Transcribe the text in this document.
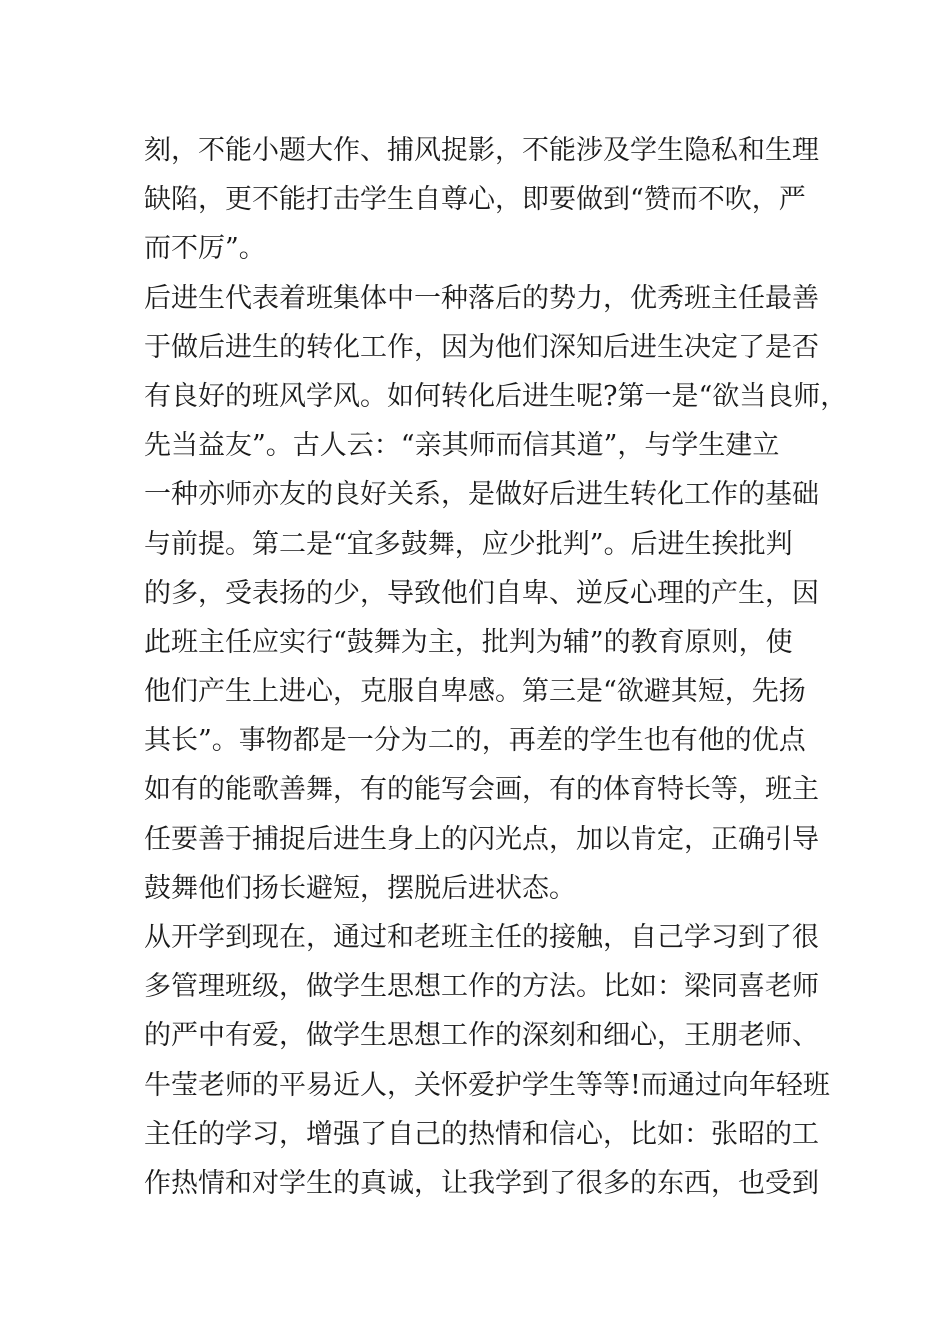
刻，不能小题大作、捕风捉影，不能涉及学生隐私和生理
缺陷，更不能打击学生自尊心，即要做到“赞而不吹，严
而不厉”。
后进生代表着班集体中一种落后的势力，优秀班主任最善
于做后进生的转化工作，因为他们深知后进生决定了是否
有良好的班风学风。如何转化后进生呢?第一是“欲当良师，
先当益友”。古人云：“亲其师而信其道”，与学生建立
一种亦师亦友的良好关系，是做好后进生转化工作的基础
与前提。第二是“宜多鼓舞，应少批判”。后进生挨批判
的多，受表扬的少，导致他们自卑、逆反心理的产生，因
此班主任应实行“鼓舞为主，批判为辅”的教育原则，使
他们产生上进心，克服自卑感。第三是“欲避其短，先扬
其长”。事物都是一分为二的，再差的学生也有他的优点
如有的能歌善舞，有的能写会画，有的体育特长等，班主
任要善于捕捉后进生身上的闪光点，加以肯定，正确引导
鼓舞他们扬长避短，摆脱后进状态。
从开学到现在，通过和老班主任的接触，自己学习到了很
多管理班级，做学生思想工作的方法。比如：梁同喜老师
的严中有爱，做学生思想工作的深刻和细心，王朋老师、
牛莹老师的平易近人，关怀爱护学生等等!而通过向年轻班
主任的学习，增强了自己的热情和信心，比如：张昭的工
作热情和对学生的真诚，让我学到了很多的东西，也受到
